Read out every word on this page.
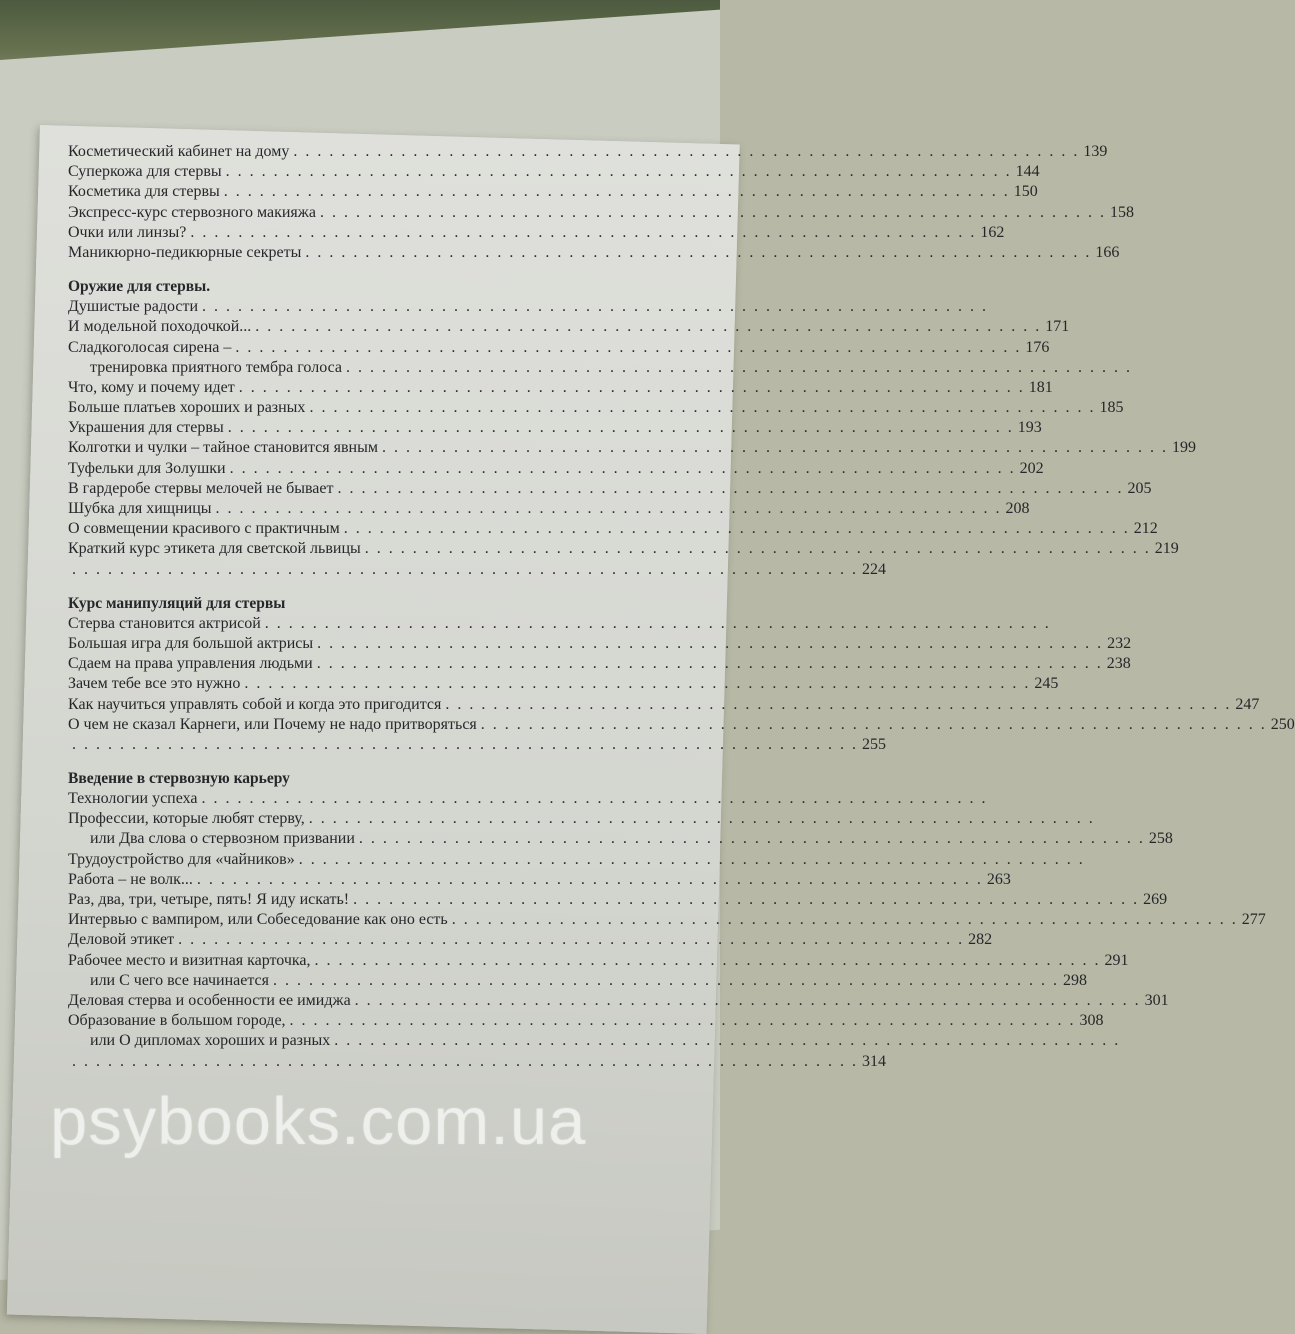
Косметический кабинет на дому . . . . . . . . . . . . . . . . . . . . . . . . . . . . . . . . . . . . . . . . . . . . . . . . . . . . . . . . . . . . . . . . . . 139
Суперкожа для стервы . . . . . . . . . . . . . . . . . . . . . . . . . . . . . . . . . . . . . . . . . . . . . . . . . . . . . . . . . . . . . . . . . . 144
Косметика для стервы . . . . . . . . . . . . . . . . . . . . . . . . . . . . . . . . . . . . . . . . . . . . . . . . . . . . . . . . . . . . . . . . . . 150
Экспресс-курс стервозного макияжа . . . . . . . . . . . . . . . . . . . . . . . . . . . . . . . . . . . . . . . . . . . . . . . . . . . . . . . . . . . . . . . . . . 158
Очки или линзы? . . . . . . . . . . . . . . . . . . . . . . . . . . . . . . . . . . . . . . . . . . . . . . . . . . . . . . . . . . . . . . . . . . 162
Маникюрно-педикюрные секреты . . . . . . . . . . . . . . . . . . . . . . . . . . . . . . . . . . . . . . . . . . . . . . . . . . . . . . . . . . . . . . . . . . 166
Оружие для стервы.
Душистые радости . . . . . . . . . . . . . . . . . . . . . . . . . . . . . . . . . . . . . . . . . . . . . . . . . . . . . . . . . . . . . . . . . .
И модельной походочкой... . . . . . . . . . . . . . . . . . . . . . . . . . . . . . . . . . . . . . . . . . . . . . . . . . . . . . . . . . . . . . . . . . . 171
Сладкоголосая сирена – . . . . . . . . . . . . . . . . . . . . . . . . . . . . . . . . . . . . . . . . . . . . . . . . . . . . . . . . . . . . . . . . . . 176
тренировка приятного тембра голоса . . . . . . . . . . . . . . . . . . . . . . . . . . . . . . . . . . . . . . . . . . . . . . . . . . . . . . . . . . . . . . . . . .
Что, кому и почему идет . . . . . . . . . . . . . . . . . . . . . . . . . . . . . . . . . . . . . . . . . . . . . . . . . . . . . . . . . . . . . . . . . . 181
Больше платьев хороших и разных . . . . . . . . . . . . . . . . . . . . . . . . . . . . . . . . . . . . . . . . . . . . . . . . . . . . . . . . . . . . . . . . . . 185
Украшения для стервы . . . . . . . . . . . . . . . . . . . . . . . . . . . . . . . . . . . . . . . . . . . . . . . . . . . . . . . . . . . . . . . . . . 193
Колготки и чулки – тайное становится явным . . . . . . . . . . . . . . . . . . . . . . . . . . . . . . . . . . . . . . . . . . . . . . . . . . . . . . . . . . . . . . . . . . 199
Туфельки для Золушки . . . . . . . . . . . . . . . . . . . . . . . . . . . . . . . . . . . . . . . . . . . . . . . . . . . . . . . . . . . . . . . . . . 202
В гардеробе стервы мелочей не бывает . . . . . . . . . . . . . . . . . . . . . . . . . . . . . . . . . . . . . . . . . . . . . . . . . . . . . . . . . . . . . . . . . . 205
Шубка для хищницы . . . . . . . . . . . . . . . . . . . . . . . . . . . . . . . . . . . . . . . . . . . . . . . . . . . . . . . . . . . . . . . . . . 208
О совмещении красивого с практичным . . . . . . . . . . . . . . . . . . . . . . . . . . . . . . . . . . . . . . . . . . . . . . . . . . . . . . . . . . . . . . . . . . 212
Краткий курс этикета для светской львицы . . . . . . . . . . . . . . . . . . . . . . . . . . . . . . . . . . . . . . . . . . . . . . . . . . . . . . . . . . . . . . . . . . 219
. . . . . . . . . . . . . . . . . . . . . . . . . . . . . . . . . . . . . . . . . . . . . . . . . . . . . . . . . . . . . . . . . . 224
Курс манипуляций для стервы
Стерва становится актрисой . . . . . . . . . . . . . . . . . . . . . . . . . . . . . . . . . . . . . . . . . . . . . . . . . . . . . . . . . . . . . . . . . .
Большая игра для большой актрисы . . . . . . . . . . . . . . . . . . . . . . . . . . . . . . . . . . . . . . . . . . . . . . . . . . . . . . . . . . . . . . . . . . 232
Сдаем на права управления людьми . . . . . . . . . . . . . . . . . . . . . . . . . . . . . . . . . . . . . . . . . . . . . . . . . . . . . . . . . . . . . . . . . . 238
Зачем тебе все это нужно . . . . . . . . . . . . . . . . . . . . . . . . . . . . . . . . . . . . . . . . . . . . . . . . . . . . . . . . . . . . . . . . . . 245
Как научиться управлять собой и когда это пригодится . . . . . . . . . . . . . . . . . . . . . . . . . . . . . . . . . . . . . . . . . . . . . . . . . . . . . . . . . . . . . . . . . . 247
О чем не сказал Карнеги, или Почему не надо притворяться . . . . . . . . . . . . . . . . . . . . . . . . . . . . . . . . . . . . . . . . . . . . . . . . . . . . . . . . . . . . . . . . . . 250
. . . . . . . . . . . . . . . . . . . . . . . . . . . . . . . . . . . . . . . . . . . . . . . . . . . . . . . . . . . . . . . . . . 255
Введение в стервозную карьеру
Технологии успеха . . . . . . . . . . . . . . . . . . . . . . . . . . . . . . . . . . . . . . . . . . . . . . . . . . . . . . . . . . . . . . . . . .
Профессии, которые любят стерву, . . . . . . . . . . . . . . . . . . . . . . . . . . . . . . . . . . . . . . . . . . . . . . . . . . . . . . . . . . . . . . . . . .
или Два слова о стервозном призвании . . . . . . . . . . . . . . . . . . . . . . . . . . . . . . . . . . . . . . . . . . . . . . . . . . . . . . . . . . . . . . . . . . 258
Трудоустройство для «чайников» . . . . . . . . . . . . . . . . . . . . . . . . . . . . . . . . . . . . . . . . . . . . . . . . . . . . . . . . . . . . . . . . . .
Работа – не волк... . . . . . . . . . . . . . . . . . . . . . . . . . . . . . . . . . . . . . . . . . . . . . . . . . . . . . . . . . . . . . . . . . . 263
Раз, два, три, четыре, пять! Я иду искать! . . . . . . . . . . . . . . . . . . . . . . . . . . . . . . . . . . . . . . . . . . . . . . . . . . . . . . . . . . . . . . . . . . 269
Интервью с вампиром, или Собеседование как оно есть . . . . . . . . . . . . . . . . . . . . . . . . . . . . . . . . . . . . . . . . . . . . . . . . . . . . . . . . . . . . . . . . . . 277
Деловой этикет . . . . . . . . . . . . . . . . . . . . . . . . . . . . . . . . . . . . . . . . . . . . . . . . . . . . . . . . . . . . . . . . . . 282
Рабочее место и визитная карточка, . . . . . . . . . . . . . . . . . . . . . . . . . . . . . . . . . . . . . . . . . . . . . . . . . . . . . . . . . . . . . . . . . . 291
или С чего все начинается . . . . . . . . . . . . . . . . . . . . . . . . . . . . . . . . . . . . . . . . . . . . . . . . . . . . . . . . . . . . . . . . . . 298
Деловая стерва и особенности ее имиджа . . . . . . . . . . . . . . . . . . . . . . . . . . . . . . . . . . . . . . . . . . . . . . . . . . . . . . . . . . . . . . . . . . 301
Образование в большом городе, . . . . . . . . . . . . . . . . . . . . . . . . . . . . . . . . . . . . . . . . . . . . . . . . . . . . . . . . . . . . . . . . . . 308
или О дипломах хороших и разных . . . . . . . . . . . . . . . . . . . . . . . . . . . . . . . . . . . . . . . . . . . . . . . . . . . . . . . . . . . . . . . . . .
. . . . . . . . . . . . . . . . . . . . . . . . . . . . . . . . . . . . . . . . . . . . . . . . . . . . . . . . . . . . . . . . . . 314
psybooks.com.ua
